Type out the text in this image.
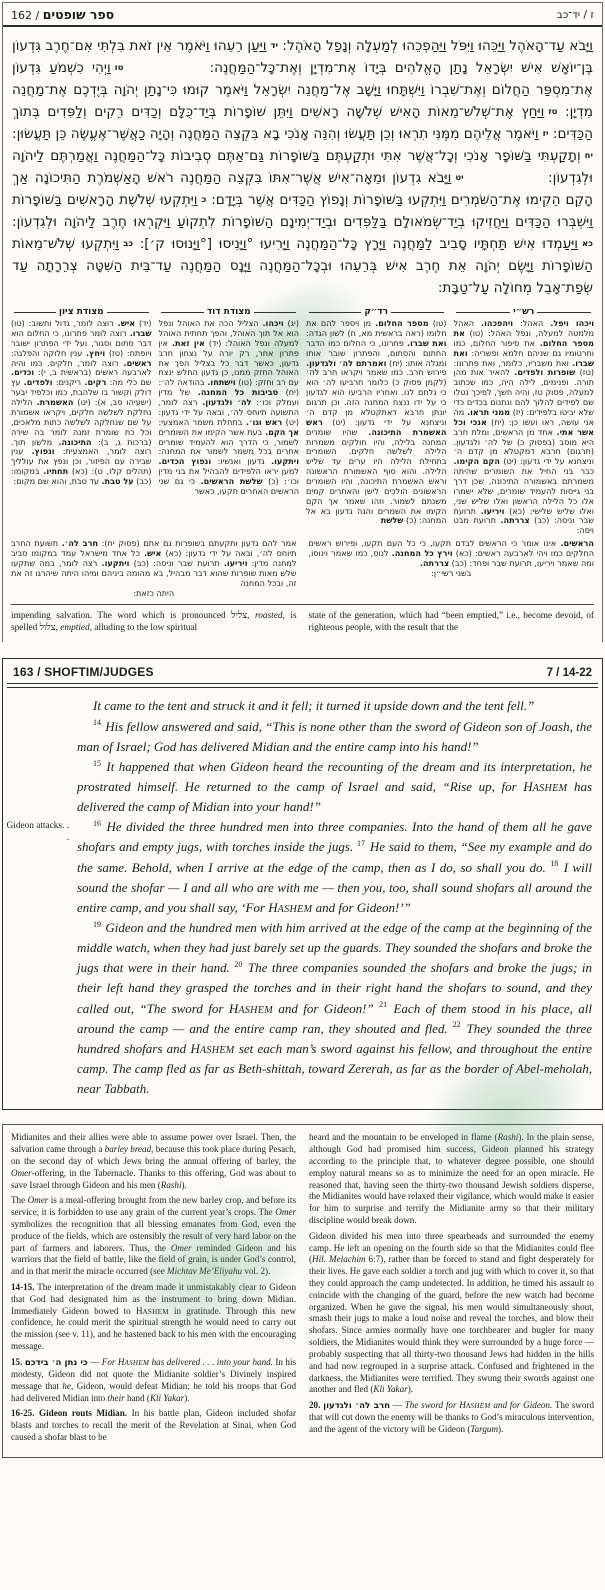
162 / ספר שופטים	ז / יד־כב
וַיָּבֹא עַד־הָאֹהֶל וַיַּכֵּהוּ וַיִּפֹּל וַיַּהַפְכֵהוּ לְמַעְלָה וְנָפַל הָאֹהֶל: ידוַיַּעַן רֵעֵהוּ וַיֹּאמֶר אֵין זֹאת בִּלְתִּי אִם־חֶרֶב גִּדְעוֹן בֶּן־יוֹאָשׁ אִישׁ יִשְׂרָאֵל נָתַן הָאֱלֹהִים בְּיָדוֹ אֶת־מִדְיָן וְאֶת־כָּל־הַמַּחֲנֶה: טווַיְהִי כִשְׁמֹעַ גִּדְעוֹן אֶת־מִסְפַּר הַחֲלוֹם וְאֶת־שִׁבְרוֹ וַיִּשְׁתָּחוּ וַיָּשָׁב אֶל־מַחֲנֵה יִשְׂרָאֵל וַיֹּאמֶר קוּמוּ כִּי־נָתַן יְהֹוָה בְּיֶדְכֶם אֶת־מַחֲנֵה מִדְיָן: טזוַיַּחַץ אֶת־שְׁלֹשׁ־מֵאוֹת הָאִישׁ שְׁלֹשָׁה רָאשִׁים וַיִּתֵּן שׁוֹפָרוֹת בְּיַד־כֻּלָּם וְכַדִּים רֵקִים וְלַפִּדִים בְּתוֹךְ הַכַּדִּים: יזוַיֹּאמֶר אֲלֵיהֶם מִמֶּנִּי תִרְאוּ וְכֵן תַּעֲשׂוּ וְהִנֵּה אָנֹכִי בָא בִּקְצֵה הַמַּחֲנֶה וְהָיָה כַאֲשֶׁר־אֶעֱשֶׂה כֵּן תַּעֲשׂוּן: יחוְתָקַעְתִּי בַּשּׁוֹפָר אָנֹכִי וְכָל־אֲשֶׁר אִתִּי וּתְקַעְתֶּם בַּשּׁוֹפָרוֹת גַּם־אַתֶּם סְבִיבוֹת כָּל־הַמַּחֲנֶה וַאֲמַרְתֶּם לַיהֹוָה וּלְגִדְעוֹן: יטוַיָּבֹא גִדְעוֹן וּמֵאָה־אִישׁ אֲשֶׁר־אִתּוֹ בִּקְצֵה הַמַּחֲנֶה רֹאשׁ הָאַשְׁמֹרֶת הַתִּיכוֹנָה אַךְ הָקֵם הֵקִימוּ אֶת־הַשֹּׁמְרִים וַיִּתְקְעוּ בַּשּׁוֹפָרוֹת וְנָפוֹץ הַכַּדִּים אֲשֶׁר בְּיָדָם: כוַיִּתְקְעוּ שְׁלֹשֶׁת הָרָאשִׁים בַּשּׁוֹפָרוֹת וַיִּשְׁבְּרוּ הַכַּדִּים וַיַּחֲזִיקוּ בְיַד־שְׂמֹאולָם בַּלַּפִּדִים וּבְיַד־יְמִינָם הַשּׁוֹפָרוֹת לִתְקוֹעַ וַיִּקְרְאוּ חֶרֶב לַיהֹוָה וּלְגִדְעוֹן: כאוַיַּעַמְדוּ אִישׁ תַּחְתָּיו סָבִיב לַמַּחֲנֶה וַיָּרָץ כָּל־הַמַּחֲנֶה וַיָּרִיעוּ °וַיָּנִיסוּ [°וַיָּנוּסוּ ק׳]: כבוַיִּתְקְעוּ שְׁלֹשׁ־מֵאוֹת הַשּׁוֹפָרוֹת וַיָּשֶׂם יְהֹוָה אֵת חֶרֶב אִישׁ בְּרֵעֵהוּ וּבְכָל־הַמַּחֲנֶה וַיָּנָס הַמַּחֲנֶה עַד־בֵּית הַשִּׁטָּה צְרֵרָתָה עַד שְׂפַת־אָבֵל מְחוֹלָה עַל־טַבָּת:
רש״י
רד״ק
מצודת דוד
מצודת ציון
ויכהו ויפל. האהל: ויהפכהו. האהל מלמטה למעלה, ונפל האהל: (טו) את מספר החלום. את סיפור החלום, כמו וחרטומיו גם שניהם חלמא ופשריה: ואת שברו. ואת משבריו, כלומר, ואת פתרונו: (טז) שופרות ולפדים. להאיר אות מהן תורה. ופנימים, לילה היה, כמו שכתוב למעלה, פסוק טז, והיה חשך, לפיכך נטלו שם לפידים להלוך להם ונתנום בכדים כדי שלא יביטו בלפידים: (יז) ממני תראו. מה אני עושה, ראו ועשו כן: (יח) אנכי וכל אשר אתי. אחד מן הראשים, ומלת חרב היא מוסב (בפסוק כ) של לה׳ ולגדעון. (תרגום) חרבא דמקטלא מן קדם ה׳ וניצחנא על ידי גדעון: (יט) הקם הקימו. כבר בני החיל את השומרים שהיתה משמרתם באשמורה התיכונה, שכן דרך בני גייסות להעמיד שומרים, שלא ישמרו אלו כל הלילה הראשון ואלו שליש שני, ואלו שליש שלישי: (כא) ויריעו. תרועת שבר וניסה: (כב) צררתה. תרועת מבט ויסה:
(טו) מספר החלום. מן ויספר להם את חלומו (ראה בראשית מא, ח) לשון הגדה: ואת שברו. פתרונו, כי החלום כמו הדבר החתום והסתום, והפתרון שובר אותו ומגלה אותו: (יח) ואמרתם לה׳ ולגדעון. פירוש חרב. כמו שאמר ויקראו חרב לה׳ (לקמן פסוק כ) כלומר חרביעו לה׳ הוא כי נלחם לנו. ואחריו הרביעו הוא לגדעון כי על ידו ננצח המחנה הזה. וכן תרגום יונתן חרבא דאתקטלא מן קדם ה׳ וניצחנא על ידי גדעון: (יט) ראש האשמרת התיכונה. שהיו שומרים המחנה בלילה, והיו חולקים משמרות הלילה לשלשה חלקים. השומרים בתחילת הלילה היו ערים עד שליש הלילה. והוא סוף האשמורת הראשונה וראש האשמרת התיכונה, והיו השומרים הראשונים הולכים לישן והאחרים קמים משנתם לשמור. וזהו שאמר אך הקם הקימו את השמרים והנה גדעון בא אל המחנה: (כ) שלשת
(יג) ויכהו. הצליל הכה את האוהל ונפל הוא אל תוך האוהל, והפך תחתית האוהל למעלה ונפל האוהל: (יד) אין זאת. אין פתרון אחר, רק יורה על נצחון חרב גדעון, כאשר דבר כל בצליל הפך את האוהל החזק ממנו, כן גדעון החלש ינצח עם רב וחזק: (טו) וישתחו. בהודאה לה׳: (יח) סביבות כל המחנה. של מדין ועמלק וכו׳: לה׳ ולגדעון. רצה לומר, התשועה תיוחס לה׳, ובאה על ידי גדעון: (יט) ראש וגו׳. בתחלת משמר האמצעי: אך הקם. בעת אשר הקימו את השומרים לשמור, כי הדרך הוא להעמיד שומרים אחרים בכל משמר לשמור את המחנה: ויתקעו. גדעון ואנשיו: ונפוץ הכדים. למען יראו הלפידים להבהיל את בני מדין וכו׳: (כ) שלשת הראשים. כי גם שני הראשים האחרים תקעו, כאשר
(יד) איש. רוצה לומר, גדול וחשוב: (טו) שברו. רוצה לומר פתרונו, כי החלום הוא דבר סתום וסגור, ועל ידי הפתרון ישובר ויופתח: (טז) ויחץ. ענין חלוקה והפלגה: ראשים. רוצה לומר, חלקים. כמו והיה לארבעה ראשים (בראשית ב, י): וכדים. שם כלי מה: רקים. ריקנים: ולפדים. עץ דולק וקשור בו שלהבת, כמו וכלפיד יבער (ישעיהו סב, א): (יט) האשמרת. הלילה נחלקת לשלשה חלקים, ויקראו אשמורת על שם שנחלקה לשלשה כתות מלאכים, וכל כת שומרת זמנה לומר בה שירה (ברכות ג, ב): התיכונה. מלשון תוך. רוצה לומר, האמצעית: ונפוץ. ענין שבירה עם הפיזור, וכן ונפץ את עולליך (תהלים קלז, ט): (כא) תחתיו. במקומו: (כב) על טבת. עד טבת, והוא שם מקום:
הראשים. אינו אומר כי הראשים לבדם תקעו, כי כל העם תקעו, ופירוש ראשים החלקים כמו ויהי לארבעה ראשים: (כא) וירץ כל המחנה. לנוס, כמו שאמר וינוסו, ומה שאמר ויריעו, תרועת שבר ופחד: (כב) צררתה.
בשני רשי״ן:
אמר להם גדעון ותקעתם בשופרות גם אתם (פסוק יח): חרב לה׳. תשועת החרב תיוחס לה׳, ובאה על ידי גדעון: (כא) איש. כל אחד מישראל עמד במקומו סביב למחנה מדין: ויריעו. תרועת שבר וניסה: (כב) ויתקעו. רצה לומר, במה שתקעו שלש מאות שופרות שהוא דבר מבהיל, בא מהומה ביניהם ומיהו היתה שיהרגו זה את זה, ובכל המחנה
היתה כזאת:
impending salvation. The word which is pronounced צליל, roasted, is spelled צלול, emptied, alluding to the low spiritual
state of the generation, which had “been emptied,” i.e., become devoid, of righteous people, with the result that the
163 / SHOFTIM/JUDGES	7 / 14-22
It came to the tent and struck it and it fell; it turned it upside down and the tent fell.”
$^{14}$ His fellow answered and said, “This is none other than the sword of Gideon son of Joash, the man of Israel; God has delivered Midian and the entire camp into his hand!”
$^{15}$ It happened that when Gideon heard the recounting of the dream and its interpretation, he prostrated himself. He returned to the camp of Israel and said, “Rise up, for HASHEM has delivered the camp of Midian into your hand!”
Gideon attacks. . .
$^{16}$ He divided the three hundred men into three companies. Into the hand of them all he gave shofars and empty jugs, with torches inside the jugs. $^{17}$ He said to them, “See my example and do the same. Behold, when I arrive at the edge of the camp, then as I do, so shall you do. $^{18}$ I will sound the shofar — I and all who are with me — then you, too, shall sound shofars all around the entire camp, and you shall say, ‘For HASHEM and for Gideon!’”
$^{19}$ Gideon and the hundred men with him arrived at the edge of the camp at the beginning of the middle watch, when they had just barely set up the guards. They sounded the shofars and broke the jugs that were in their hand. $^{20}$ The three companies sounded the shofars and broke the jugs; in their left hand they grasped the torches and in their right hand the shofars to sound, and they called out, “The sword for HASHEM and for Gideon!” $^{21}$ Each of them stood in his place, all around the camp — and the entire camp ran, they shouted and fled. $^{22}$ They sounded the three hundred shofars and HASHEM set each man’s sword against his fellow, and throughout the entire camp. The camp fled as far as Beth-shittah, toward Zererah, as far as the border of Abel-meholah, near Tabbath.

Midianites and their allies were able to assume power over Israel. Then, the salvation came through a barley bread, because this took place during Pesach, on the second day of which Jews bring the annual offering of barley, the Omer-offering, in the Tabernacle. Thanks to this offering, God was about to save Israel through Gideon and his men (Rashi).

The Omer is a meal-offering brought from the new barley crop, and before its service, it is forbidden to use any grain of the current year’s crops. The Omer symbolizes the recognition that all blessing emanates from God, even the produce of the fields, which are ostensibly the result of very hard labor on the part of farmers and laborers. Thus, the Omer reminded Gideon and his warriors that the field of battle, like the field of grain, is under God’s control, and in that merit the miracle occurred (see Michtav Me’Eliyahu vol. 2).

14-15. The interpretation of the dream made it unmistakably clear to Gideon that God had designated him as the instrument to bring down Midian. Immediately Gideon bowed to HASHEM in gratitude. Through this new confidence, he could merit the spiritual strength he would need to carry out the mission (see v. 11), and he hastened back to his men with the encouraging message.

15. כי נתן ה׳ בידכם — For HASHEM has delivered . . . into your hand. In his modesty, Gideon did not quote the Midianite soldier’s Divinely inspired message that he, Gideon, would defeat Midian; he told his troops that God had delivered Midian into their hand (Kli Yakar).

16-25. Gideon routs Midian. In his battle plan, Gideon included shofar blasts and torches to recall the merit of the Revelation at Sinai, when God caused a shofar blast to be

heard and the mountain to be enveloped in flame (Rashi). In the plain sense, although God had promised him success, Gideon planned his strategy according to the principle that, to whatever degree possible, one should employ natural means so as to minimize the need for an open miracle. He reasoned that, having seen the thirty-two thousand Jewish soldiers disperse, the Midianites would have relaxed their vigilance, which would make it easier for him to surprise and terrify the Midianite army so that their military discipline would break down.

Gideon divided his men into three spearheads and surrounded the enemy camp. He left an opening on the fourth side so that the Midianites could flee (Hil. Melachim 6:7), rather than be forced to stand and fight desperately for their lives. He gave each soldier a torch and jug with which to cover it, so that they could approach the camp undetected. In addition, he timed his assault to coincide with the changing of the guard, before the new watch had become organized. When he gave the signal, his men would simultaneously shout, smash their jugs to make a loud noise and reveal the torches, and blow their shofars. Since armies normally have one torchbearer and bugler for many soldiers, the Midianites would think they were surrounded by a huge force — probably suspecting that all thirty-two thousand Jews had hidden in the hills and had now regrouped in a surprise attack. Confused and frightened in the darkness, the Midianites were terrified. They swung their swords against one another and fled (Kli Yakar).

20. חרב לה׳ ולגדעון — The sword for HASHEM and for Gideon. The sword that will cut down the enemy will be thanks to God’s miraculous intervention, and the agent of the victory will be Gideon (Targum).
